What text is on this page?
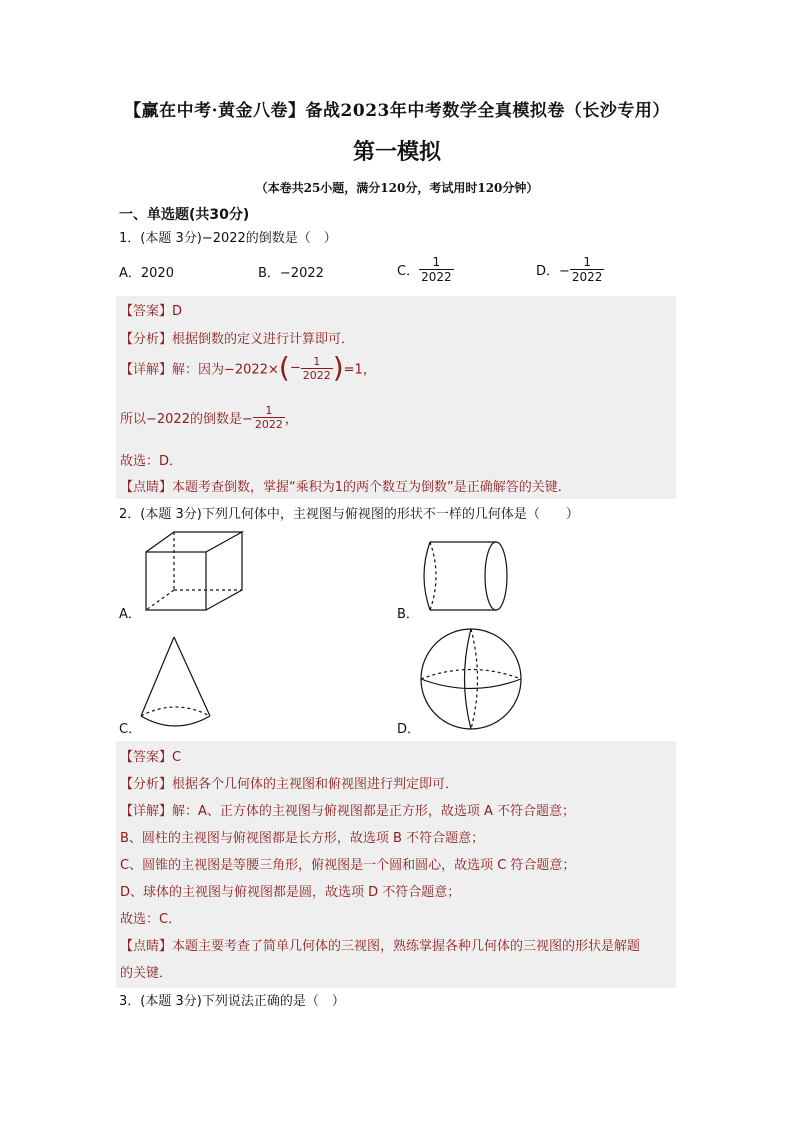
【赢在中考·黄金八卷】备战2023年中考数学全真模拟卷（长沙专用）
第一模拟
（本卷共25小题，满分120分，考试用时120分钟）
一、单选题(共30分)
1．(本题 3分)−2022的倒数是（　）
A．2020	B．−2022	C． $\frac{1}{2022}$	D．− $\frac{1}{2022}$
【答案】D
【分析】根据倒数的定义进行计算即可．
【详解】解：因为$-2022\times(- \frac{1}{2022} )=1$，
所以−2022的倒数是− $\frac{1}{2022}$ ，
故选：D．
【点睛】本题考查倒数，掌握“乘积为1的两个数互为倒数”是正确解答的关键．
2．(本题 3分)下列几何体中，主视图与俯视图的形状不一样的几何体是（　　）
A．	B．
C．	D．
【答案】C
【分析】根据各个几何体的主视图和俯视图进行判定即可．
【详解】解：A、正方体的主视图与俯视图都是正方形，故选项 A 不符合题意；
B、圆柱的主视图与俯视图都是长方形，故选项 B 不符合题意；
C、圆锥的主视图是等腰三角形，俯视图是一个圆和圆心，故选项 C 符合题意；
D、球体的主视图与俯视图都是圆，故选项 D 不符合题意；
故选：C．
【点睛】本题主要考查了简单几何体的三视图，熟练掌握各种几何体的三视图的形状是解题
的关键．
3．(本题 3分)下列说法正确的是（　）
